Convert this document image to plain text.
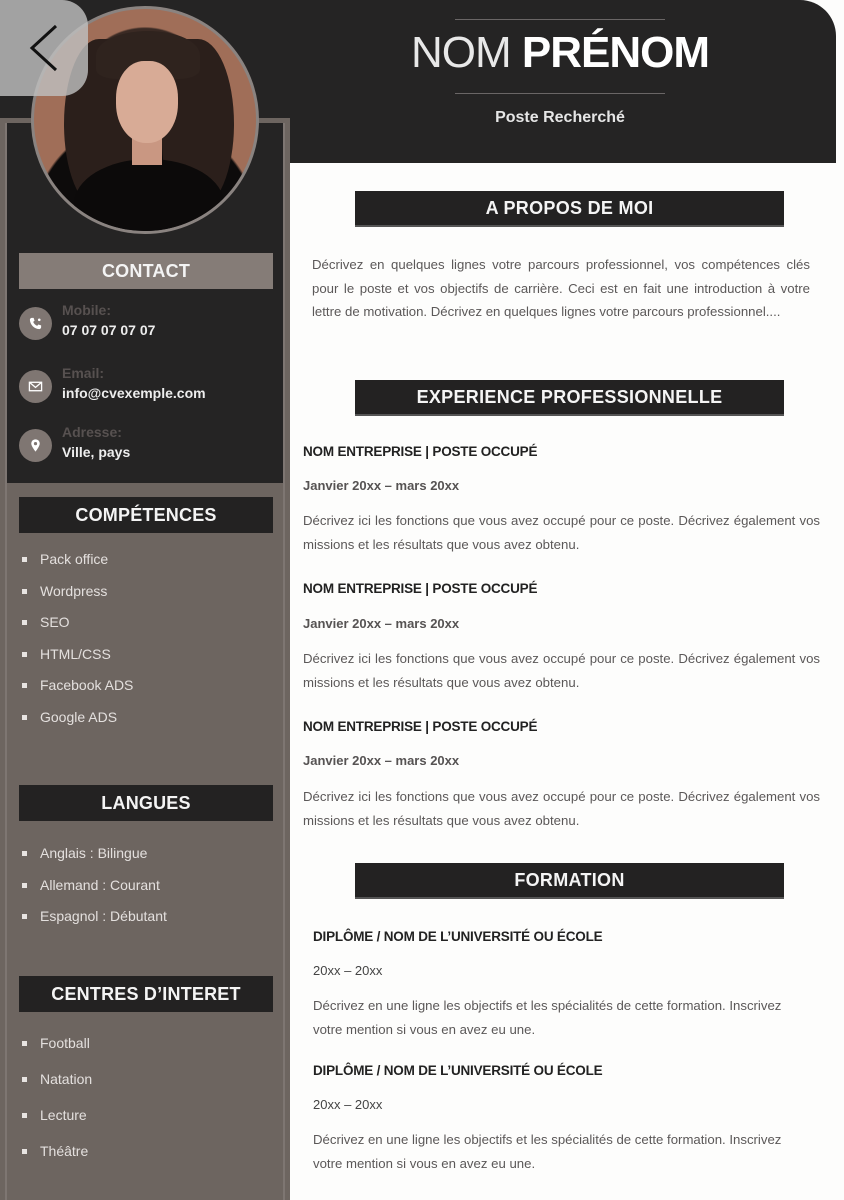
NOM PRÉNOM
Poste Recherché
CONTACT
Mobile:
07 07 07 07 07
Email:
info@cvexemple.com
Adresse:
Ville, pays
COMPÉTENCES
Pack office
Wordpress
SEO
HTML/CSS
Facebook ADS
Google ADS
LANGUES
Anglais : Bilingue
Allemand : Courant
Espagnol : Débutant
CENTRES D’INTERET
Football
Natation
Lecture
Théâtre
A PROPOS DE MOI

Décrivez en quelques lignes votre parcours professionnel, vos compétences clés pour le poste et vos objectifs de carrière. Ceci est en fait une introduction à votre lettre de motivation. Décrivez en quelques lignes votre parcours professionnel....

EXPERIENCE PROFESSIONNELLE
NOM ENTREPRISE | POSTE OCCUPÉ
Janvier 20xx – mars 20xx

Décrivez ici les fonctions que vous avez occupé pour ce poste. Décrivez également vos missions et les résultats que vous avez obtenu.

NOM ENTREPRISE | POSTE OCCUPÉ
Janvier 20xx – mars 20xx

Décrivez ici les fonctions que vous avez occupé pour ce poste. Décrivez également vos missions et les résultats que vous avez obtenu.

NOM ENTREPRISE | POSTE OCCUPÉ
Janvier 20xx – mars 20xx

Décrivez ici les fonctions que vous avez occupé pour ce poste. Décrivez également vos missions et les résultats que vous avez obtenu.

FORMATION
DIPLÔME / NOM DE L’UNIVERSITÉ OU ÉCOLE
20xx – 20xx

Décrivez en une ligne les objectifs et les spécialités de cette formation. Inscrivez votre mention si vous en avez eu une.

DIPLÔME / NOM DE L’UNIVERSITÉ OU ÉCOLE
20xx – 20xx

Décrivez en une ligne les objectifs et les spécialités de cette formation. Inscrivez votre mention si vous en avez eu une.
